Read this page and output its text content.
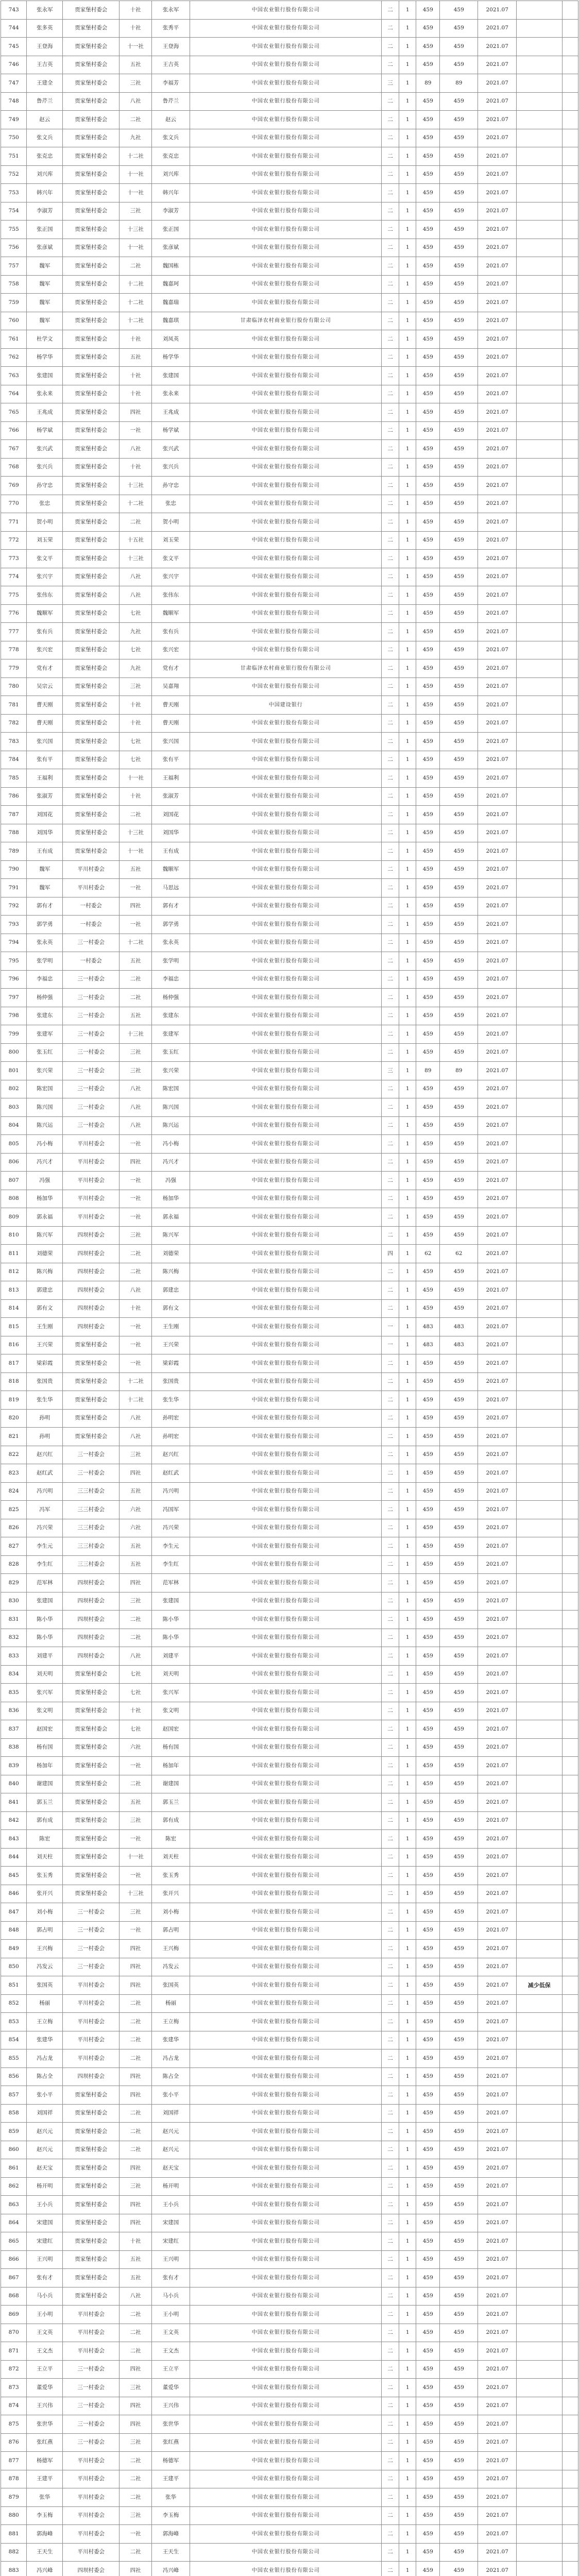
743	张永军	贾家堡村委会	十社	张永军	中国农业银行股份有限公司	二	1	459	459	2021.07		
744	张多英	贾家堡村委会	十社	张秀平	中国农业银行股份有限公司	二	1	459	459	2021.07		
745	王登海	贾家堡村委会	十一社	王登海	中国农业银行股份有限公司	二	1	459	459	2021.07		
746	王吉英	贾家堡村委会	五社	王吉英	中国农业银行股份有限公司	二	1	459	459	2021.07		
747	王建全	贾家堡村委会	三社	李福芳	中国农业银行股份有限公司	三	1	89	89	2021.07		
748	鲁芹兰	贾家堡村委会	八社	鲁芹兰	中国农业银行股份有限公司	二	1	459	459	2021.07		
749	赵云	贾家堡村委会	二社	赵云	中国农业银行股份有限公司	二	1	459	459	2021.07		
750	张文兵	贾家堡村委会	九社	张文兵	中国农业银行股份有限公司	二	1	459	459	2021.07		
751	张克忠	贾家堡村委会	十二社	张克忠	中国农业银行股份有限公司	二	1	459	459	2021.07		
752	刘兴库	贾家堡村委会	十一社	刘兴库	中国农业银行股份有限公司	二	1	459	459	2021.07		
753	韩兴年	贾家堡村委会	十一社	韩兴年	中国农业银行股份有限公司	二	1	459	459	2021.07		
754	李淑芳	贾家堡村委会	三社	李淑芳	中国农业银行股份有限公司	二	1	459	459	2021.07		
755	张正国	贾家堡村委会	十三社	张正国	中国农业银行股份有限公司	二	1	459	459	2021.07		
756	张彦斌	贾家堡村委会	十一社	张彦斌	中国农业银行股份有限公司	二	1	459	459	2021.07		
757	魏军	贾家堡村委会	二社	魏国栋	中国农业银行股份有限公司	二	1	459	459	2021.07		
758	魏军	贾家堡村委会	十二社	魏嘉珂	中国农业银行股份有限公司	二	1	459	459	2021.07		
759	魏军	贾家堡村委会	十二社	魏嘉瑞	中国农业银行股份有限公司	二	1	459	459	2021.07		
760	魏军	贾家堡村委会	十二社	魏嘉琪	甘肃临泽农村商业银行股份有限公司	二	1	459	459	2021.07		
761	杜学文	贾家堡村委会	十社	刘凤英	中国农业银行股份有限公司	二	1	459	459	2021.07		
762	杨学华	贾家堡村委会	五社	杨学华	中国农业银行股份有限公司	二	1	459	459	2021.07		
763	张建国	贾家堡村委会	十社	张建国	中国农业银行股份有限公司	二	1	459	459	2021.07		
764	张永来	贾家堡村委会	十社	张永来	中国农业银行股份有限公司	二	1	459	459	2021.07		
765	王兆成	贾家堡村委会	四社	王兆成	中国农业银行股份有限公司	二	1	459	459	2021.07		
766	杨学斌	贾家堡村委会	一社	杨学斌	中国农业银行股份有限公司	二	1	459	459	2021.07		
767	张兴武	贾家堡村委会	八社	张兴武	中国农业银行股份有限公司	二	1	459	459	2021.07		
768	张兴兵	贾家堡村委会	十社	张兴兵	中国农业银行股份有限公司	二	1	459	459	2021.07		
769	孙守忠	贾家堡村委会	十三社	孙守忠	中国农业银行股份有限公司	二	1	459	459	2021.07		
770	张忠	贾家堡村委会	十二社	张忠	中国农业银行股份有限公司	二	1	459	459	2021.07		
771	贺小明	贾家堡村委会	二社	贺小明	中国农业银行股份有限公司	二	1	459	459	2021.07		
772	刘玉荣	贾家堡村委会	十五社	刘玉荣	中国农业银行股份有限公司	二	1	459	459	2021.07		
773	张文平	贾家堡村委会	十三社	张文平	中国农业银行股份有限公司	二	1	459	459	2021.07		
774	张兴宇	贾家堡村委会	八社	张兴宇	中国农业银行股份有限公司	二	1	459	459	2021.07		
775	张伟东	贾家堡村委会	八社	张伟东	中国农业银行股份有限公司	二	1	459	459	2021.07		
776	魏顺军	贾家堡村委会	七社	魏顺军	中国农业银行股份有限公司	二	1	459	459	2021.07		
777	张有兵	贾家堡村委会	九社	张有兵	中国农业银行股份有限公司	二	1	459	459	2021.07		
778	张兴宏	贾家堡村委会	七社	张兴宏	中国农业银行股份有限公司	二	1	459	459	2021.07		
779	党有才	贾家堡村委会	九社	党有才	甘肃临泽农村商业银行股份有限公司	二	1	459	459	2021.07		
780	吴宗云	贾家堡村委会	三社	吴嘉翔	中国农业银行股份有限公司	二	1	459	459	2021.07		
781	曹天刚	贾家堡村委会	十社	曹天刚	中国建设银行	二	1	459	459	2021.07		
782	曹天刚	贾家堡村委会	十社	曹天刚	中国农业银行股份有限公司	二	1	459	459	2021.07		
783	张兴国	贾家堡村委会	七社	张兴国	中国农业银行股份有限公司	二	1	459	459	2021.07		
784	张有平	贾家堡村委会	七社	张有平	中国农业银行股份有限公司	二	1	459	459	2021.07		
785	王福利	贾家堡村委会	十一社	王福利	中国农业银行股份有限公司	二	1	459	459	2021.07		
786	张淑芳	贾家堡村委会	十社	张淑芳	中国农业银行股份有限公司	二	1	459	459	2021.07		
787	刘国花	贾家堡村委会	二社	刘国花	中国农业银行股份有限公司	二	1	459	459	2021.07		
788	刘国华	贾家堡村委会	十三社	刘国华	中国农业银行股份有限公司	二	1	459	459	2021.07		
789	王有成	贾家堡村委会	十一社	王有成	中国农业银行股份有限公司	二	1	459	459	2021.07		
790	魏军	平川村委会	五社	魏顺军	中国农业银行股份有限公司	二	1	459	459	2021.07		
791	魏军	平川村委会	一社	马思远	中国农业银行股份有限公司	二	1	459	459	2021.07		
792	郭有才	一村委会	四社	郭有才	中国农业银行股份有限公司	二	1	459	459	2021.07		
793	郭学勇	一村委会	一社	郭学勇	中国农业银行股份有限公司	二	1	459	459	2021.07		
794	张永英	三一村委会	十二社	张永英	中国农业银行股份有限公司	二	1	459	459	2021.07		
795	张学明	一村委会	五社	张学明	中国农业银行股份有限公司	二	1	459	459	2021.07		
796	李福忠	三一村委会	二社	李福忠	中国农业银行股份有限公司	二	1	459	459	2021.07		
797	杨仲强	三一村委会	二社	杨仲强	中国农业银行股份有限公司	二	1	459	459	2021.07		
798	张建东	三一村委会	五社	张建东	中国农业银行股份有限公司	二	1	459	459	2021.07		
799	张建军	三一村委会	十三社	张建军	中国农业银行股份有限公司	二	1	459	459	2021.07		
800	张玉红	三一村委会	三社	张玉红	中国农业银行股份有限公司	二	1	459	459	2021.07		
801	张兴荣	三一村委会	三社	张兴荣	中国农业银行股份有限公司	三	1	89	89	2021.07		
802	陈宏国	三一村委会	八社	陈宏国	中国农业银行股份有限公司	二	1	459	459	2021.07		
803	陈兴国	三一村委会	八社	陈兴国	中国农业银行股份有限公司	二	1	459	459	2021.07		
804	陈兴运	三一村委会	八社	陈兴运	中国农业银行股份有限公司	二	1	459	459	2021.07		
805	冯小梅	平川村委会	一社	冯小梅	中国农业银行股份有限公司	二	1	459	459	2021.07		
806	冯兴才	平川村委会	四社	冯兴才	中国农业银行股份有限公司	二	1	459	459	2021.07		
807	冯强	平川村委会	一社	冯强	中国农业银行股份有限公司	二	1	459	459	2021.07		
808	杨加华	平川村委会	一社	杨加华	中国农业银行股份有限公司	二	1	459	459	2021.07		
809	郭永福	平川村委会	一社	郭永福	中国农业银行股份有限公司	二	1	459	459	2021.07		
810	陈兴军	四坝村委会	三社	陈兴军	中国农业银行股份有限公司	二	1	459	459	2021.07		
811	刘德荣	四坝村委会	二社	刘德荣	中国农业银行股份有限公司	四	1	62	62	2021.07		
812	陈兴梅	四坝村委会	二社	陈兴梅	中国农业银行股份有限公司	二	1	459	459	2021.07		
813	郭建忠	四坝村委会	八社	郭建忠	中国农业银行股份有限公司	二	1	459	459	2021.07		
814	郭有文	四坝村委会	十社	郭有文	中国农业银行股份有限公司	二	1	459	459	2021.07		
815	王生刚	四坝村委会	一社	王生刚	中国农业银行股份有限公司	一	1	483	483	2021.07		
816	王兴荣	贾家堡村委会	一社	王兴荣	中国农业银行股份有限公司	一	1	483	483	2021.07		
817	梁彩霞	贾家堡村委会	一社	梁彩霞	中国农业银行股份有限公司	二	1	459	459	2021.07		
818	张国贵	贾家堡村委会	十二社	张国贵	中国农业银行股份有限公司	二	1	459	459	2021.07		
819	张生华	贾家堡村委会	十二社	张生华	中国农业银行股份有限公司	二	1	459	459	2021.07		
820	孙明	贾家堡村委会	八社	孙明宏	中国农业银行股份有限公司	二	1	459	459	2021.07		
821	孙明	贾家堡村委会	八社	孙明宏	中国农业银行股份有限公司	二	1	459	459	2021.07		
822	赵兴红	三一村委会	三社	赵兴红	中国农业银行股份有限公司	二	1	459	459	2021.07		
823	赵红武	三一村委会	四社	赵红武	中国农业银行股份有限公司	二	1	459	459	2021.07		
824	冯兴明	三三村委会	五社	冯兴明	中国农业银行股份有限公司	二	1	459	459	2021.07		
825	冯军	三三村委会	六社	冯国军	中国农业银行股份有限公司	二	1	459	459	2021.07		
826	冯兴荣	三三村委会	六社	冯兴荣	中国农业银行股份有限公司	二	1	459	459	2021.07		
827	李生元	三三村委会	五社	李生元	中国农业银行股份有限公司	二	1	459	459	2021.07		
828	李生红	三三村委会	五社	李生红	中国农业银行股份有限公司	二	1	459	459	2021.07		
829	范军林	四坝村委会	四社	范军林	中国农业银行股份有限公司	二	1	459	459	2021.07		
830	张建国	四坝村委会	三社	张建国	中国农业银行股份有限公司	二	1	459	459	2021.07		
831	陈小华	四坝村委会	二社	陈小华	中国农业银行股份有限公司	二	1	459	459	2021.07		
832	陈小华	四坝村委会	二社	陈小华	中国农业银行股份有限公司	二	1	459	459	2021.07		
833	刘建平	四坝村委会	八社	刘建平	中国农业银行股份有限公司	二	1	459	459	2021.07		
834	刘天明	贾家堡村委会	七社	刘天明	中国农业银行股份有限公司	二	1	459	459	2021.07		
835	张兴军	贾家堡村委会	七社	张兴军	中国农业银行股份有限公司	二	1	459	459	2021.07		
836	张文明	贾家堡村委会	十社	张文明	中国农业银行股份有限公司	二	1	459	459	2021.07		
837	赵国宏	贾家堡村委会	七社	赵国宏	中国农业银行股份有限公司	二	1	459	459	2021.07		
838	杨有国	贾家堡村委会	六社	杨有国	中国农业银行股份有限公司	二	1	459	459	2021.07		
839	杨加年	贾家堡村委会	一社	杨加年	中国农业银行股份有限公司	二	1	459	459	2021.07		
840	谢建国	贾家堡村委会	二社	谢建国	中国农业银行股份有限公司	二	1	459	459	2021.07		
841	郭玉兰	贾家堡村委会	五社	郭玉兰	中国农业银行股份有限公司	二	1	459	459	2021.07		
842	郭有成	贾家堡村委会	三社	郭有成	中国农业银行股份有限公司	二	1	459	459	2021.07		
843	陈宏	贾家堡村委会	一社	陈宏	中国农业银行股份有限公司	二	1	459	459	2021.07		
844	刘天柱	贾家堡村委会	十一社	刘天柱	中国农业银行股份有限公司	二	1	459	459	2021.07		
845	张玉秀	贾家堡村委会	一社	张玉秀	中国农业银行股份有限公司	二	1	459	459	2021.07		
846	张开兴	贾家堡村委会	十三社	张开兴	中国农业银行股份有限公司	二	1	459	459	2021.07		
847	刘小梅	三一村委会	三社	刘小梅	中国农业银行股份有限公司	二	1	459	459	2021.07		
848	郭占明	三一村委会	一社	郭占明	中国农业银行股份有限公司	二	1	459	459	2021.07		
849	王兴梅	三一村委会	四社	王兴梅	中国农业银行股份有限公司	二	1	459	459	2021.07		
850	冯发云	三一村委会	四社	冯发云	中国农业银行股份有限公司	二	1	459	459	2021.07		
851	张国英	平川村委会	四社	张国英	中国农业银行股份有限公司	二	1	459	459	2021.07	减少低保	
852	杨丽	平川村委会	二社	杨丽	中国农业银行股份有限公司	二	1	459	459	2021.07		
853	王立梅	平川村委会	二社	王立梅	中国农业银行股份有限公司	二	1	459	459	2021.07		
854	张建华	平川村委会	二社	张建华	中国农业银行股份有限公司	二	1	459	459	2021.07		
855	冯占龙	平川村委会	二社	冯占龙	中国农业银行股份有限公司	二	1	459	459	2021.07		
856	陈占全	四坝村委会	四社	陈占全	中国农业银行股份有限公司	二	1	459	459	2021.07		
857	张小平	贾家堡村委会	四社	张小平	中国农业银行股份有限公司	二	1	459	459	2021.07		
858	刘国祥	贾家堡村委会	二社	刘国祥	中国农业银行股份有限公司	二	1	459	459	2021.07		
859	赵兴元	贾家堡村委会	二社	赵兴元	中国农业银行股份有限公司	二	1	459	459	2021.07		
860	赵兴元	贾家堡村委会	二社	赵兴元	中国农业银行股份有限公司	二	1	459	459	2021.07		
861	赵天宝	贾家堡村委会	四社	赵天宝	中国农业银行股份有限公司	二	1	459	459	2021.07		
862	杨开明	贾家堡村委会	三社	杨开明	中国农业银行股份有限公司	二	1	459	459	2021.07		
863	王小兵	贾家堡村委会	四社	王小兵	中国农业银行股份有限公司	二	1	459	459	2021.07		
864	宋建国	贾家堡村委会	四社	宋建国	中国农业银行股份有限公司	二	1	459	459	2021.07		
865	宋建红	贾家堡村委会	十社	宋建红	中国农业银行股份有限公司	二	1	459	459	2021.07		
866	王兴明	贾家堡村委会	五社	王兴明	中国农业银行股份有限公司	二	1	459	459	2021.07		
867	张有才	贾家堡村委会	五社	张有才	中国农业银行股份有限公司	二	1	459	459	2021.07		
868	马小兵	贾家堡村委会	八社	马小兵	中国农业银行股份有限公司	二	1	459	459	2021.07		
869	王小明	平川村委会	二社	王小明	中国农业银行股份有限公司	二	1	459	459	2021.07		
870	王文英	平川村委会	二社	王文英	中国农业银行股份有限公司	二	1	459	459	2021.07		
871	王文杰	平川村委会	二社	王文杰	中国农业银行股份有限公司	二	1	459	459	2021.07		
872	王立平	三一村委会	四社	王立平	中国农业银行股份有限公司	二	1	459	459	2021.07		
873	董爱华	三一村委会	三社	董爱华	中国农业银行股份有限公司	二	1	459	459	2021.07		
874	王兴伟	三一村委会	四社	王兴伟	中国农业银行股份有限公司	二	1	459	459	2021.07		
875	张世华	三一村委会	四社	张世华	中国农业银行股份有限公司	二	1	459	459	2021.07		
876	张红燕	三一村委会	三社	张红燕	中国农业银行股份有限公司	二	1	459	459	2021.07		
877	杨德军	平川村委会	二社	杨德军	中国农业银行股份有限公司	二	1	459	459	2021.07		
878	王建平	平川村委会	二社	王建平	中国农业银行股份有限公司	二	1	459	459	2021.07		
879	张华	平川村委会	二社	张华	中国农业银行股份有限公司	二	1	459	459	2021.07		
880	李玉梅	平川村委会	三社	李玉梅	中国农业银行股份有限公司	二	1	459	459	2021.07		
881	郭海峰	平川村委会	一社	郭海峰	中国农业银行股份有限公司	二	1	459	459	2021.07		
882	王天生	平川村委会	二社	王天生	中国农业银行股份有限公司	二	1	459	459	2021.07		
883	冯兴峰	四坝村委会	四社	冯兴峰	中国农业银行股份有限公司	二	1	459	459	2021.07		
